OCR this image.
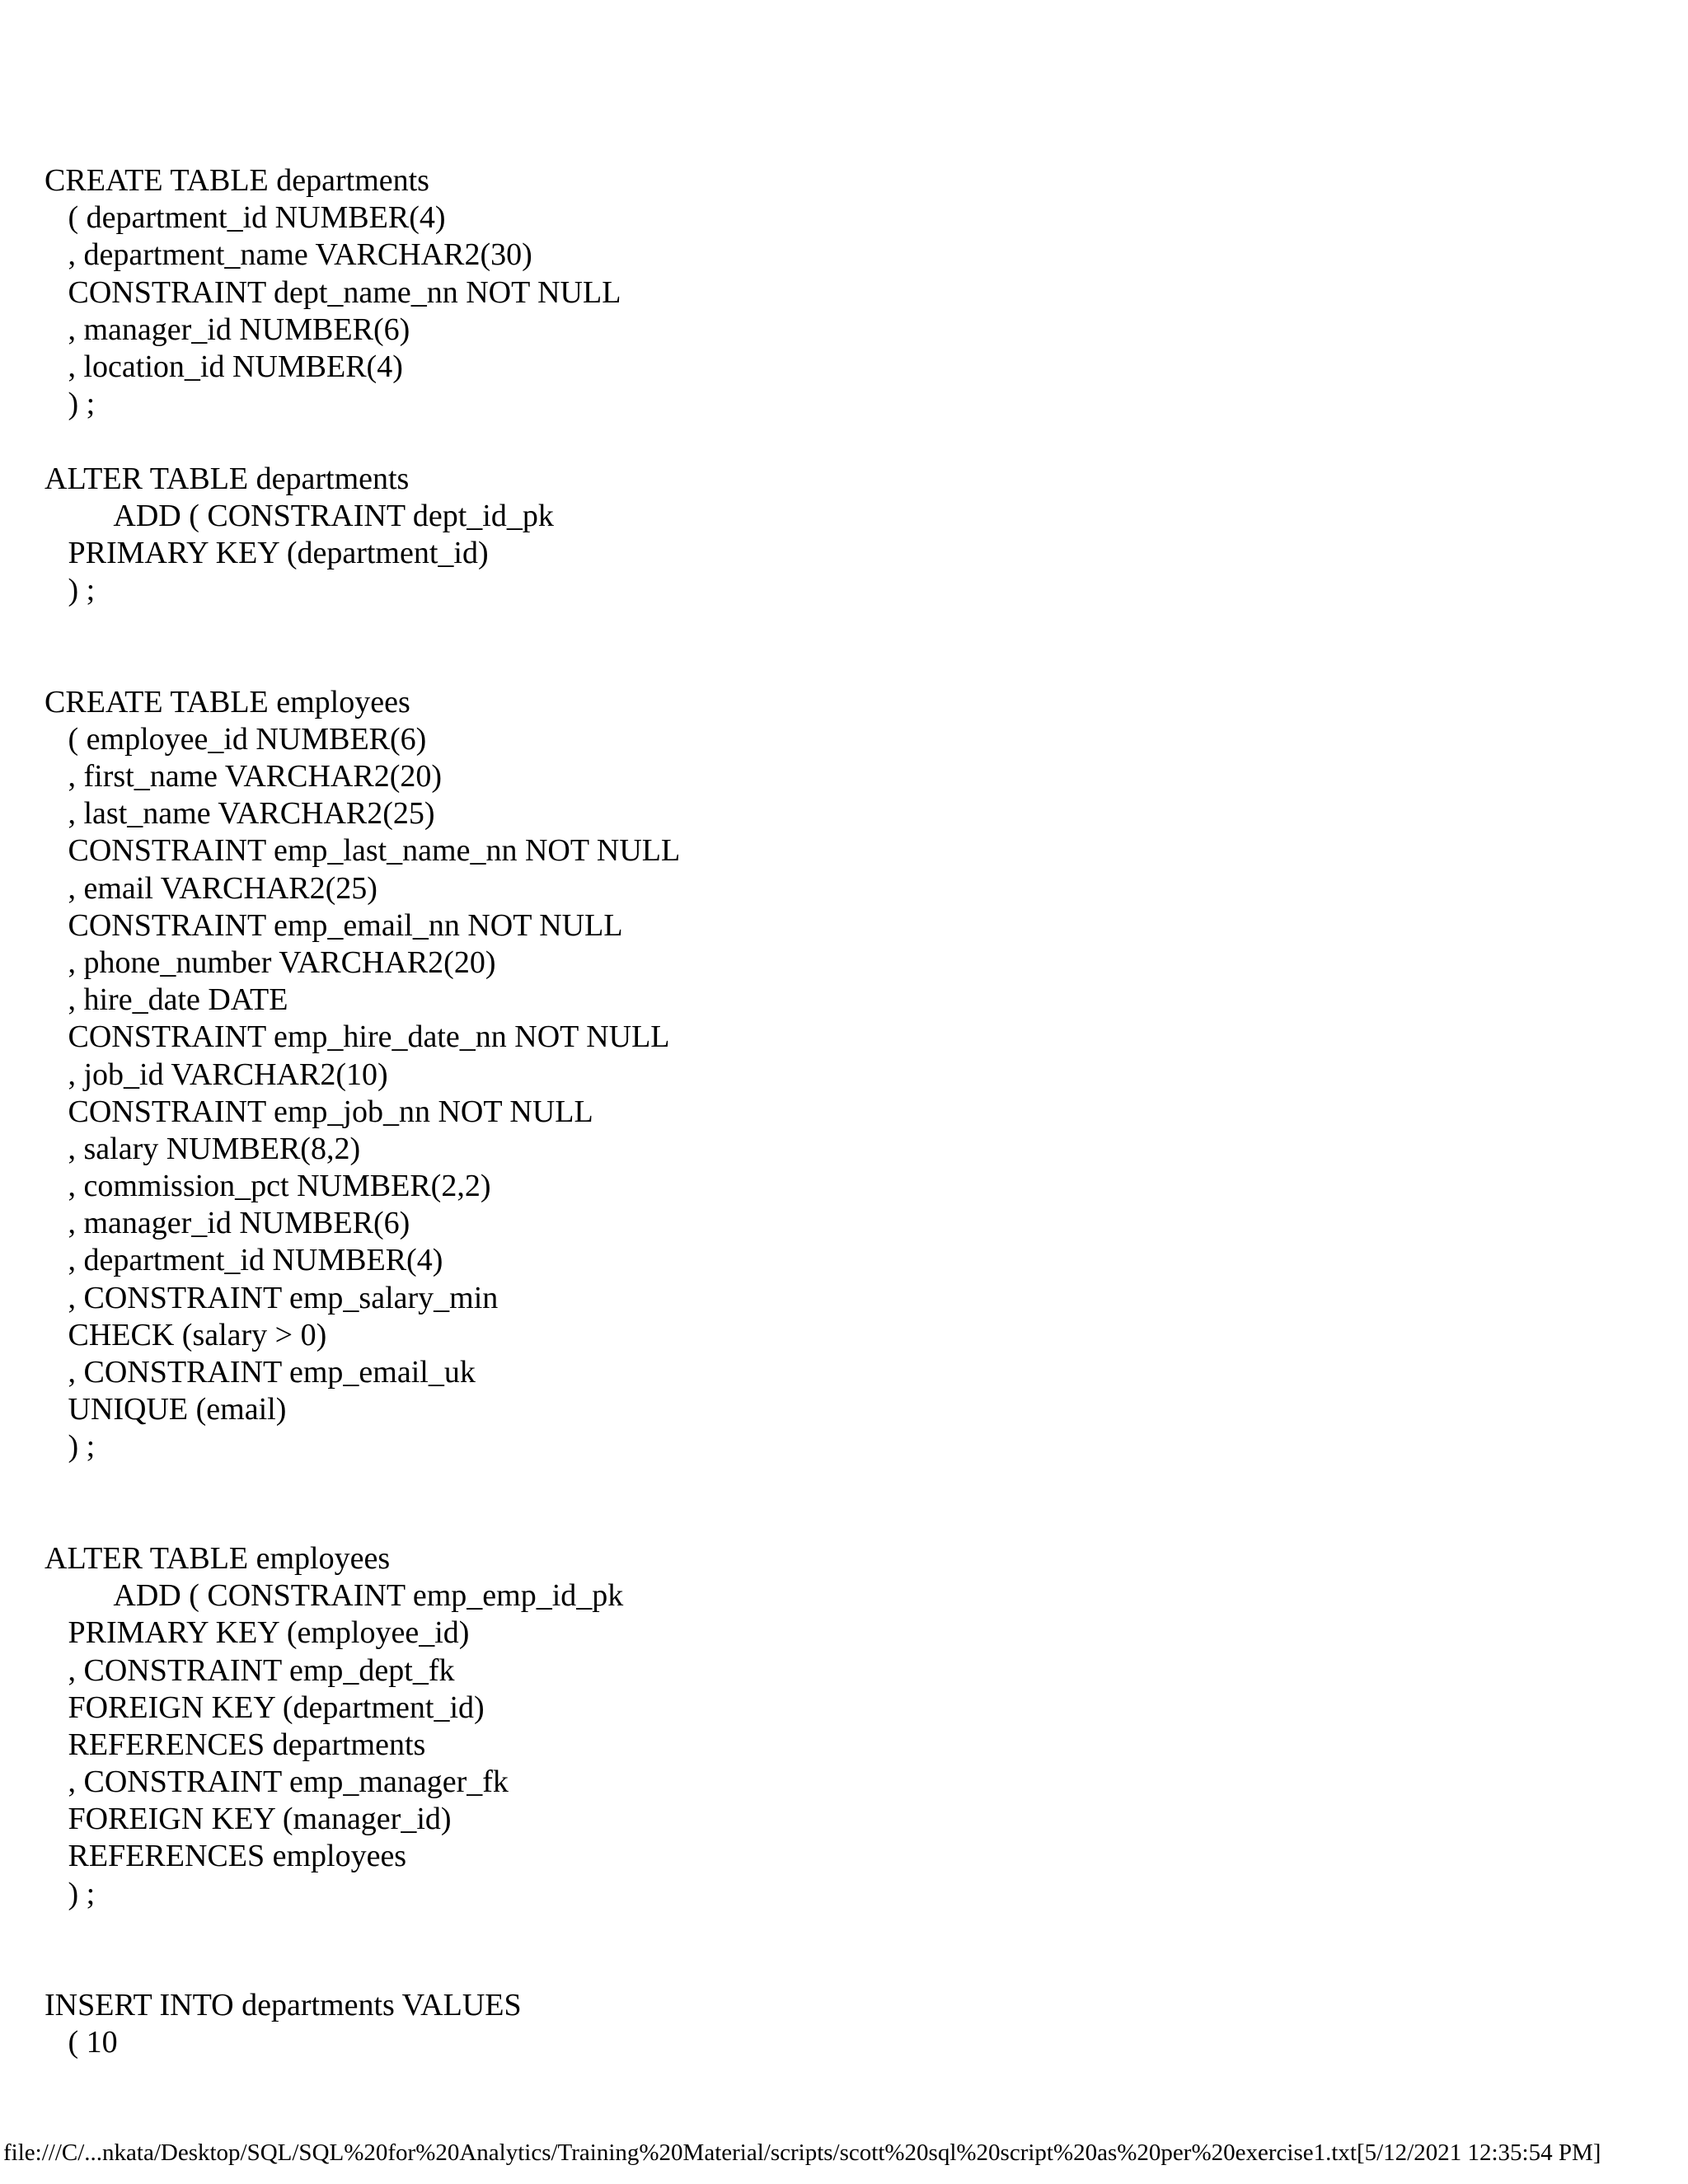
CREATE TABLE departments
( department_id NUMBER(4)
, department_name VARCHAR2(30)
CONSTRAINT dept_name_nn NOT NULL
, manager_id NUMBER(6)
, location_id NUMBER(4)
) ;
ALTER TABLE departments
ADD ( CONSTRAINT dept_id_pk
PRIMARY KEY (department_id)
) ;
CREATE TABLE employees
( employee_id NUMBER(6)
, first_name VARCHAR2(20)
, last_name VARCHAR2(25)
CONSTRAINT emp_last_name_nn NOT NULL
, email VARCHAR2(25)
CONSTRAINT emp_email_nn NOT NULL
, phone_number VARCHAR2(20)
, hire_date DATE
CONSTRAINT emp_hire_date_nn NOT NULL
, job_id VARCHAR2(10)
CONSTRAINT emp_job_nn NOT NULL
, salary NUMBER(8,2)
, commission_pct NUMBER(2,2)
, manager_id NUMBER(6)
, department_id NUMBER(4)
, CONSTRAINT emp_salary_min
CHECK (salary > 0)
, CONSTRAINT emp_email_uk
UNIQUE (email)
) ;
ALTER TABLE employees
ADD ( CONSTRAINT emp_emp_id_pk
PRIMARY KEY (employee_id)
, CONSTRAINT emp_dept_fk
FOREIGN KEY (department_id)
REFERENCES departments
, CONSTRAINT emp_manager_fk
FOREIGN KEY (manager_id)
REFERENCES employees
) ;
INSERT INTO departments VALUES
( 10
file:///C/...nkata/Desktop/SQL/SQL%20for%20Analytics/Training%20Material/scripts/scott%20sql%20script%20as%20per%20exercise1.txt[5/12/2021 12:35:54 PM]
